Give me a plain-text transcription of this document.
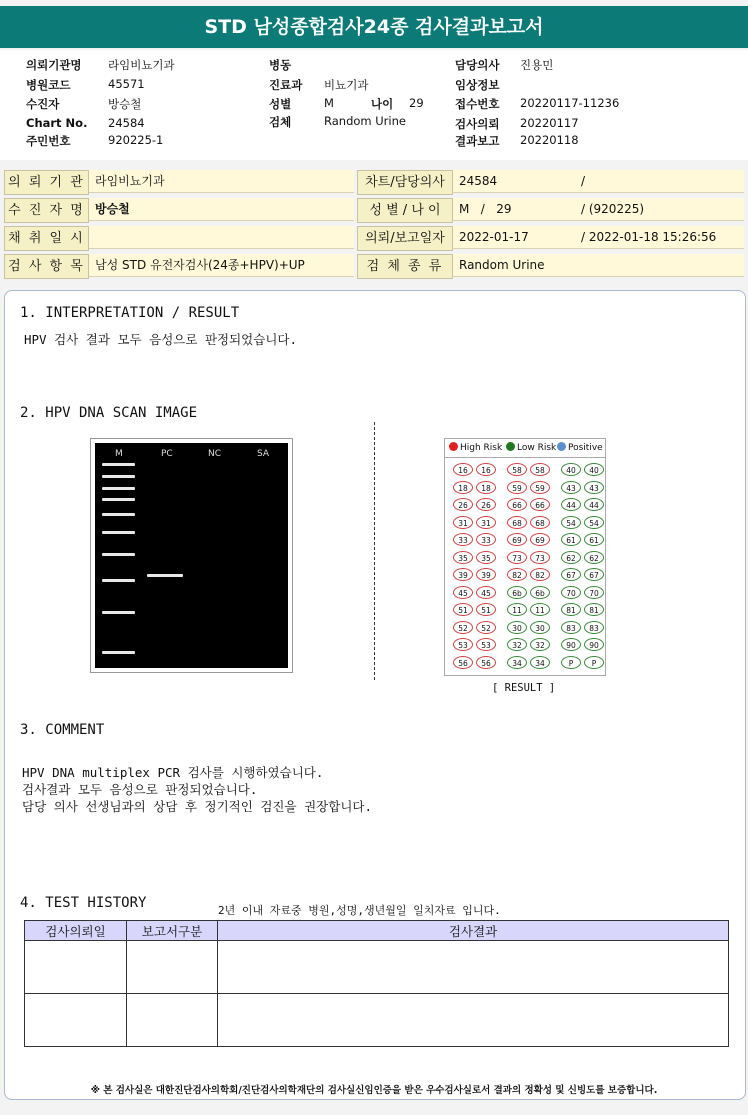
STD 남성종합검사24종 검사결과보고서
의뢰기관명 라임비뇨기과
병원코드	45571
수진자	방승철
Chart No. 24584
주민번호	920225-1
병동
진료과 비뇨기과
성별	M	나이 29
검체	Random Urine
담당의사 진용민
임상정보
접수번호 20220117-11236
검사의뢰 20220117
결과보고 20220118
의 뢰 기 관 라임비뇨기과	차트/담당의사	24584	/
수 진 자 명 방승철	성 별 / 나 이	M   /   29	/ (920225)
채 취 일 시	의뢰/보고일자	2022-01-17	/ 2022-01-18 15:26:56
검 사 항 목 남성 STD 유전자검사(24종+HPV)+UP	검 체 종 류	Random Urine
1. INTERPRETATION / RESULT
HPV 검사 결과 모두 음성으로 판정되었습니다.
2. HPV DNA SCAN IMAGE
M	PC	NC	SA
High Risk	Low Risk	Positive
16	16	58	58	40	40
18	18	59	59	43	43
26	26	66	66	44	44
31	31	68	68	54	54
33	33	69	69	61	61
35	35	73	73	62	62
39	39	82	82	67	67
45	45	6b	6b	70	70
51	51	11	11	81	81
52	52	30	30	83	83
53	53	32	32	90	90
56	56	34	34	P	P
[ RESULT ]
3. COMMENT
HPV DNA multiplex PCR 검사를 시행하였습니다.
검사결과 모두 음성으로 판정되었습니다.
담당 의사 선생님과의 상담 후 정기적인 검진을 권장합니다.
4. TEST HISTORY	2년 이내 자료중 병원,성명,생년월일 일치자료 입니다.
검사의뢰일	보고서구분	검사결과

※ 본 검사실은 대한진단검사의학회/진단검사의학재단의 검사실신임인증을 받은 우수검사실로서 결과의 정확성 및 신빙도를 보증합니다.
